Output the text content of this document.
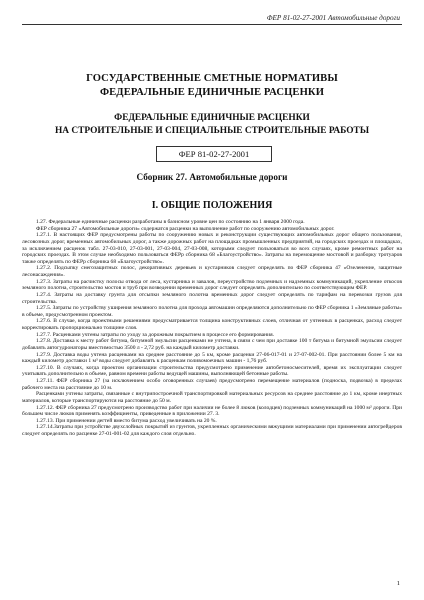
ФЕР 81-02-27-2001 Автомобильные дороги
ГОСУДАРСТВЕННЫЕ СМЕТНЫЕ НОРМАТИВЫ
ФЕДЕРАЛЬНЫЕ ЕДИНИЧНЫЕ РАСЦЕНКИ
ФЕДЕРАЛЬНЫЕ ЕДИНИЧНЫЕ РАСЦЕНКИ
НА СТРОИТЕЛЬНЫЕ И СПЕЦИАЛЬНЫЕ СТРОИТЕЛЬНЫЕ РАБОТЫ
ФЕР 81-02-27-2001
Сборник 27. Автомобильные дороги
I. ОБЩИЕ ПОЛОЖЕНИЯ

1.27. Федеральные единичные расценки разработаны в базисном уровне цен по состоянию на 1 января 2000 года.

ФЕР сборника 27 «Автомобильные дороги» содержатся расценки на выполнение работ по сооружению автомобильных дорог.

1.27.1. В настоящих ФЕР предусмотрены работы по сооружению новых и реконструкции существующих автомобильных дорог общего пользования, лесовозных дорог, временных автомобильных дорог, а также дорожных работ на площадках промышленных предприятий, на городских проездах и площадках, за исключением расценок табл. 27-03-010, 27-03-001, 27-03-004, 27-03-008, которыми следует пользоваться во всех случаях, кроме ремонтных работ на городских проездах. В этом случае необходимо пользоваться ФЕРр сборника 68 «Благоустройство». Затраты на перемощение мостовой и разборку тротуаров также определять по ФЕРр сборника 68 «Благоустройство».

1.27.2. Подсыпку снегозащитных полос, декоративных деревьев и кустарников следует определять по ФЕР сборника 47 «Озеленение, защитные лесонасаждения».

1.27.3. Затраты на расчистку полосы отвода от леса, кустарника и завалов, переустройство подземных и надземных коммуникаций, укрепление откосов земляного полотна, строительство мостов и труб при возведении временных дорог следует определять дополнительно по соответствующим ФЕР.

1.27.4. Затраты на доставку грунта для отсыпки земляного полотна временных дорог следует определять по тарифам на перевозки грузов для строительства.

1.27.5. Затраты по устройству уширения земляного полотна для прохода автомашин определяются дополнительно по ФЕР сборника 1 «Земляные работы» в объеме, предусмотренном проектом.

1.27.6. В случае, когда проектными решениями предусматривается толщина конструктивных слоев, отличная от учтенных в расценках, расход следует корректировать пропорционально толщине слоя.

1.27.7. Расценками учтены затраты по уходу за дорожным покрытием в процессе его формирования.

1.27.8. Доставка к месту работ битума, битумной эмульсии расценками не учтена, в связи с чем при доставке 100 т битума и битумной эмульсии следует добавлять автогудронаторы вместимостью 3500 л - 2,72 руб. на каждый километр доставки.

1.27.9. Доставка воды учтена расценками на среднее расстояние до 5 км, кроме расценки 27-06-017-01 и 27-07-002-01. При расстоянии более 5 км на каждый километр доставки 1 м³ воды следует добавлять к расценкам поливомоечных машин - 1,76 руб.

1.27.10. В случаях, когда проектом организации строительства предусмотрено применение автобетоносмесителей, время их эксплуатации следует учитывать дополнительно в объеме, равном времени работы ведущей машины, выполняющей бетонные работы.

1.27.11. ФЕР сборника 27 (за исключением особо оговоренных случаев) предусмотрено перемещение материалов (подноска, подвозка) в пределах рабочего места на расстояние до 10 м.

Расценками учтены затраты, связанные с внутрипостроечной транспортировкой материальных ресурсов на среднее расстояние до 1 км, кроме инертных материалов, которые транспортируются на расстояние до 50 м.

1.27.12. ФЕР сборника 27 предусмотрено производство работ при наличии не более 8 люков (колодцев) подземных коммуникаций на 1000 м² дороги. При большем числе люков применять коэффициенты, приведенные в приложении 27. 3.

1.27.13. При применении дегтей вместо битума расход увеличивать на 20 %.

1.27.14.Затраты при устройстве двухслойных покрытий из грунтов, укрепленных органическими вяжущими материалами при применении автогрейдеров следует определять по расценке 27-01-001-02 для каждого слоя отдельно.

1
